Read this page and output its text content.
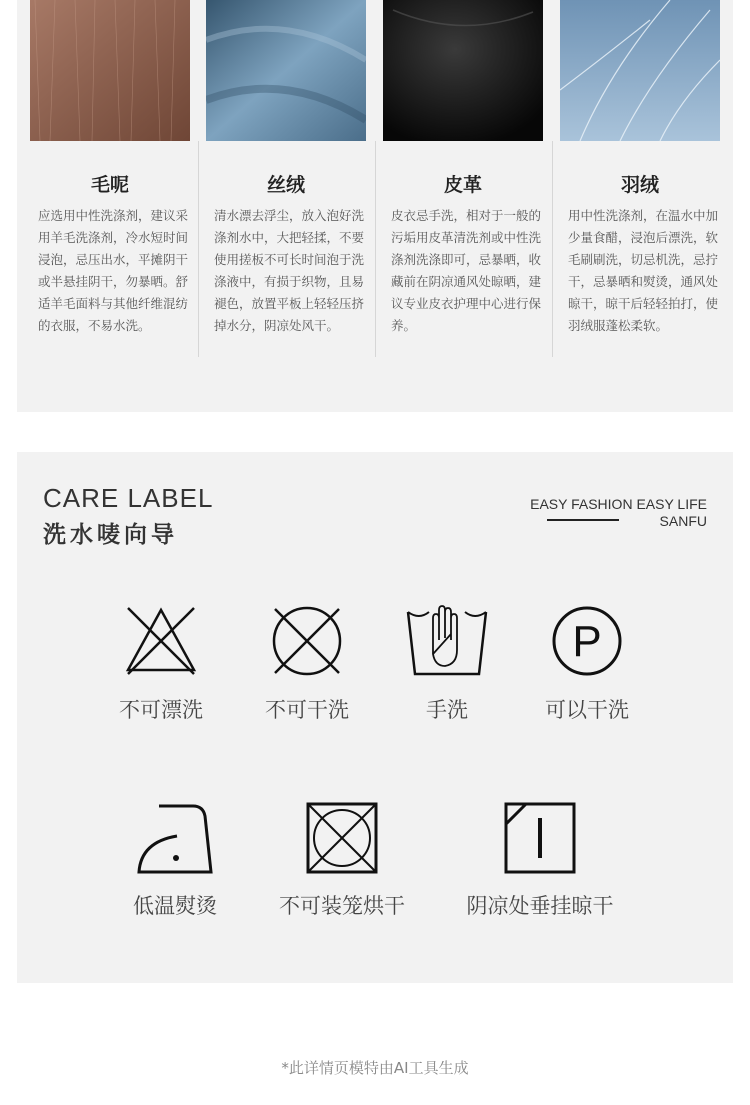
毛呢
应选用中性洗涤剂，建议采用羊毛洗涤剂，冷水短时间浸泡，忌压出水，平摊阴干或半悬挂阴干，勿暴晒。舒适羊毛面料与其他纤维混纺的衣服，不易水洗。
丝绒
清水漂去浮尘，放入泡好洗涤剂水中，大把轻揉，不要使用搓板不可长时间泡于洗涤液中，有损于织物，且易褪色，放置平板上轻轻压挤掉水分，阴凉处风干。
皮革
皮衣忌手洗，相对于一般的污垢用皮革清洗剂或中性洗涤剂洗涤即可，忌暴晒，收藏前在阴凉通风处晾晒，建议专业皮衣护理中心进行保养。
羽绒
用中性洗涤剂，在温水中加少量食醋，浸泡后漂洗，软毛刷刷洗，切忌机洗，忌拧干，忌暴晒和熨烫，通风处晾干，晾干后轻轻拍打，使羽绒服蓬松柔软。
CARE LABEL
洗水唛向导
EASY FASHION EASY LIFE
SANFU
不可漂洗	不可干洗	手洗
P
可以干洗
低温熨烫	不可装笼烘干	阴凉处垂挂晾干
*此详情页模特由AI工具生成
